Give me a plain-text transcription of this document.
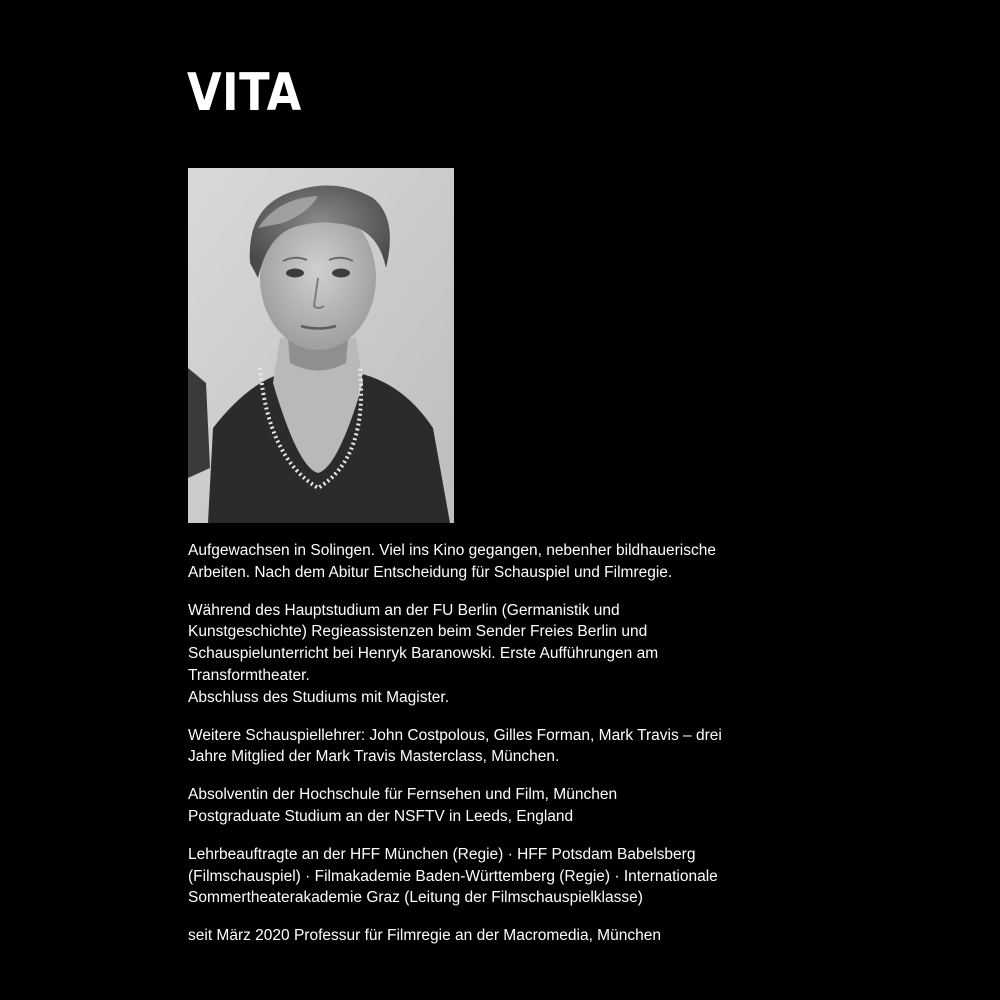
VITA

Aufgewachsen in Solingen. Viel ins Kino gegangen, nebenher bildhauerische Arbeiten. Nach dem Abitur Entscheidung für Schauspiel und Filmregie.

Während des Hauptstudium an der FU Berlin (Germanistik und Kunstgeschichte) Regieassistenzen beim Sender Freies Berlin und Schauspielunterricht bei Henryk Baranowski. Erste Aufführungen am Transformtheater.
Abschluss des Studiums mit Magister.

Weitere Schauspiellehrer: John Costpolous, Gilles Forman, Mark Travis – drei Jahre Mitglied der Mark Travis Masterclass, München.

Absolventin der Hochschule für Fernsehen und Film, München
Postgraduate Studium an der NSFTV in Leeds, England

Lehrbeauftragte an der HFF München (Regie) · HFF Potsdam Babelsberg (Filmschauspiel) · Filmakademie Baden-Württemberg (Regie) · Internationale Sommertheaterakademie Graz (Leitung der Filmschauspielklasse)

seit März 2020 Professur für Filmregie an der Macromedia, München
